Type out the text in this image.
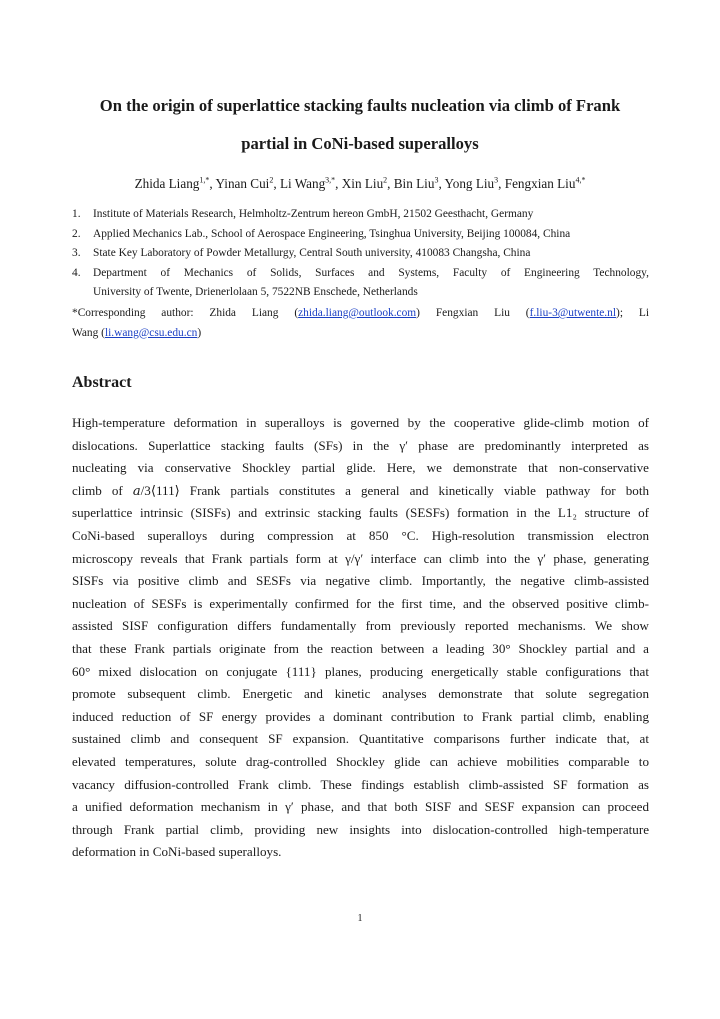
On the origin of superlattice stacking faults nucleation via climb of Frank
partial in CoNi-based superalloys
Zhida Liang$^{1,*}$, Yinan Cui$^2$, Li Wang$^{3,*}$, Xin Liu$^2$, Bin Liu$^3$, Yong Liu$^3$, Fengxian Liu$^{4,*}$
1. Institute of Materials Research, Helmholtz-Zentrum hereon GmbH, 21502 Geesthacht, Germany
2. Applied Mechanics Lab., School of Aerospace Engineering, Tsinghua University, Beijing 100084, China
3. State Key Laboratory of Powder Metallurgy, Central South university, 410083 Changsha, China
4. Department of Mechanics of Solids, Surfaces and Systems, Faculty of Engineering Technology,
University of Twente, Drienerlolaan 5, 7522NB Enschede, Netherlands
*Corresponding author: Zhida Liang (zhida.liang@outlook.com) Fengxian Liu (f.liu-3@utwente.nl); Li
Wang (li.wang@csu.edu.cn)
Abstract
High-temperature deformation in superalloys is governed by the cooperative glide-climb motion of
dislocations. Superlattice stacking faults (SFs) in the γ′ phase are predominantly interpreted as
nucleating via conservative Shockley partial glide. Here, we demonstrate that non-conservative
climb of 𝑎/3⟨111⟩ Frank partials constitutes a general and kinetically viable pathway for both
superlattice intrinsic (SISFs) and extrinsic stacking faults (SESFs) formation in the L1₂ structure of
CoNi-based superalloys during compression at 850 °C. High-resolution transmission electron
microscopy reveals that Frank partials form at γ/γ′ interface can climb into the γ′ phase, generating
SISFs via positive climb and SESFs via negative climb. Importantly, the negative climb-assisted
nucleation of SESFs is experimentally confirmed for the first time, and the observed positive climb-
assisted SISF configuration differs fundamentally from previously reported mechanisms. We show
that these Frank partials originate from the reaction between a leading 30° Shockley partial and a
60° mixed dislocation on conjugate {111} planes, producing energetically stable configurations that
promote subsequent climb. Energetic and kinetic analyses demonstrate that solute segregation
induced reduction of SF energy provides a dominant contribution to Frank partial climb, enabling
sustained climb and consequent SF expansion. Quantitative comparisons further indicate that, at
elevated temperatures, solute drag-controlled Shockley glide can achieve mobilities comparable to
vacancy diffusion-controlled Frank climb. These findings establish climb-assisted SF formation as
a unified deformation mechanism in γ′ phase, and that both SISF and SESF expansion can proceed
through Frank partial climb, providing new insights into dislocation-controlled high-temperature
deformation in CoNi-based superalloys.
1
